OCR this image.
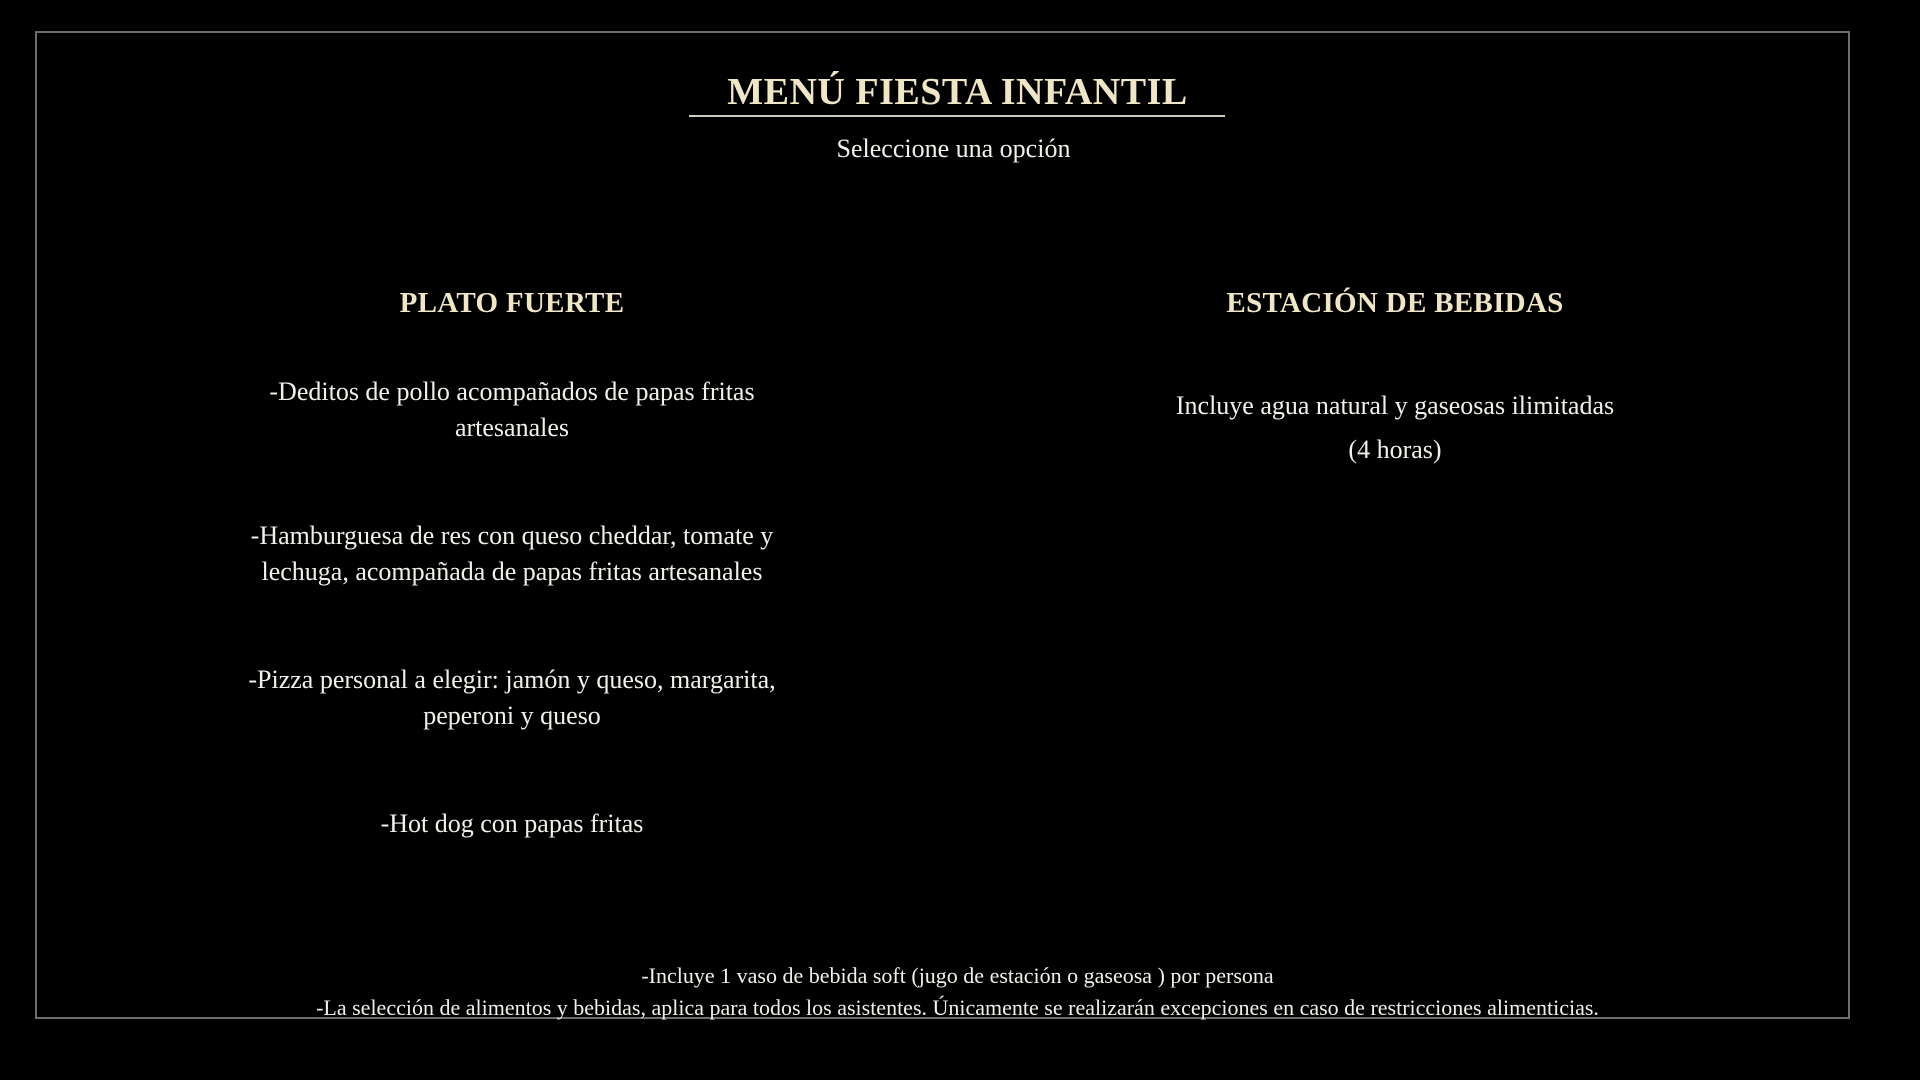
MENÚ FIESTA INFANTIL
Seleccione una opción
PLATO FUERTE
-Deditos de pollo acompañados de papas fritas artesanales
-Hamburguesa de res con queso cheddar, tomate y lechuga, acompañada de papas fritas artesanales
-Pizza personal a elegir: jamón y queso, margarita, peperoni y queso
-Hot dog con papas fritas
ESTACIÓN DE BEBIDAS
Incluye agua natural y gaseosas ilimitadas
(4 horas)
-Incluye 1 vaso de bebida soft (jugo de estación o gaseosa ) por persona
-La selección de alimentos y bebidas, aplica para todos los asistentes. Únicamente se realizarán excepciones en caso de restricciones alimenticias.
